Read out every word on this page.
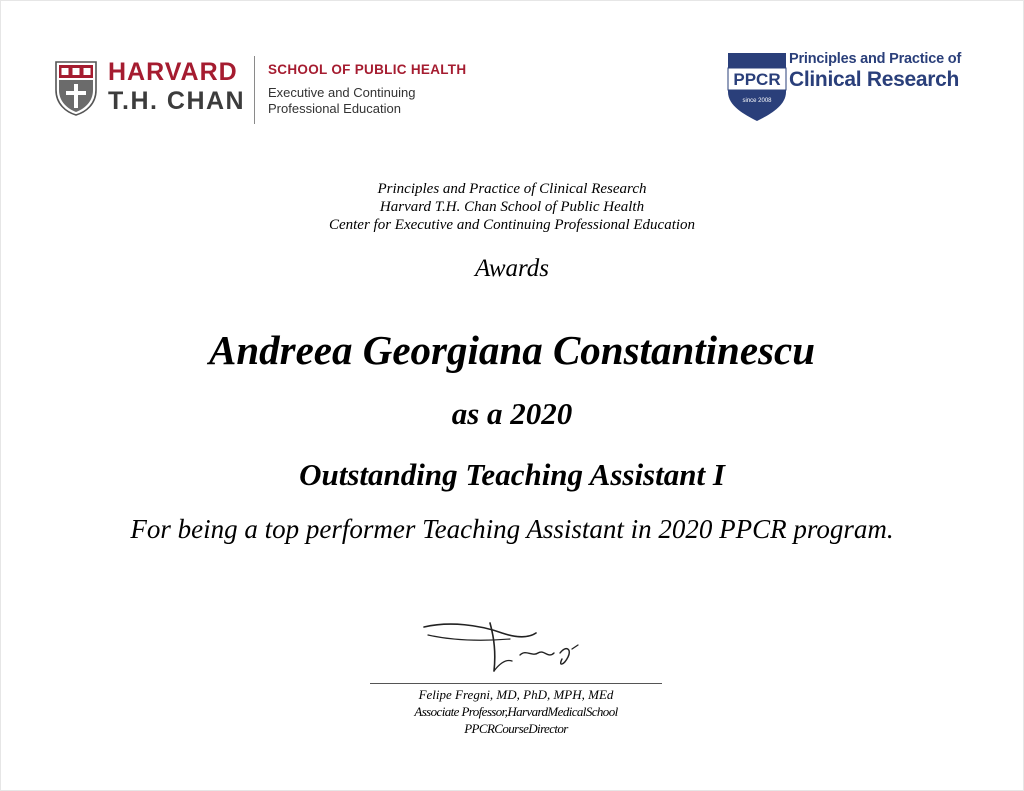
HARVARD
T.H. CHAN
SCHOOL OF PUBLIC HEALTH
Executive and Continuing
Professional Education
PPCR
since 2008
Principles and Practice of
Clinical Research
Principles and Practice of Clinical Research
Harvard T.H. Chan School of Public Health
Center for Executive and Continuing Professional Education
Awards
Andreea Georgiana Constantinescu
as a 2020
Outstanding Teaching Assistant I
For being a top performer Teaching Assistant in 2020 PPCR program.
Felipe Fregni, MD, PhD, MPH, MEd
Associate Professor,HarvardMedicalSchool
PPCRCourseDirector
